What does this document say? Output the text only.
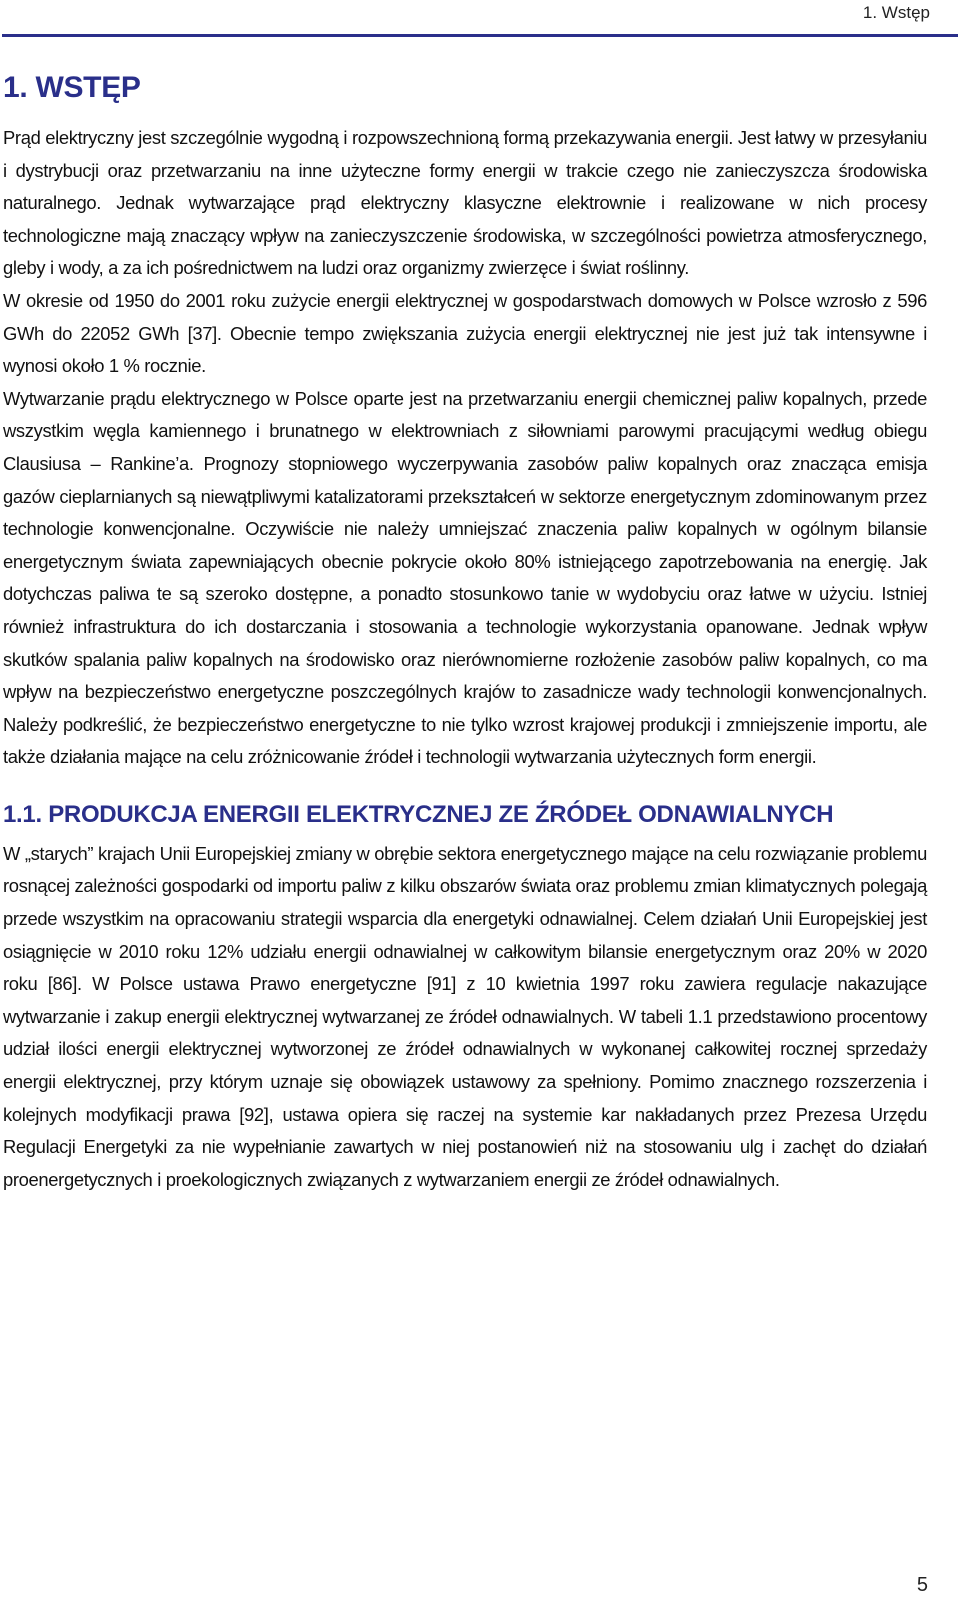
1. Wstęp
1. WSTĘP

Prąd elektryczny jest szczególnie wygodną i rozpowszechnioną formą przekazywania energii. Jest łatwy w przesyłaniu i dystrybucji oraz przetwarzaniu na inne użyteczne formy energii w trakcie czego nie zanieczyszcza środowiska naturalnego. Jednak wytwarzające prąd elektryczny klasyczne elektrownie i realizowane w nich procesy technologiczne mają znaczący wpływ na zanieczyszczenie środowiska, w szczególności powietrza atmosferycznego, gleby i wody, a za ich pośrednictwem na ludzi oraz organizmy zwierzęce i świat roślinny.

W okresie od 1950 do 2001 roku zużycie energii elektrycznej w gospodarstwach domowych w Polsce wzrosło z 596 GWh do 22052 GWh [37]. Obecnie tempo zwiększania zużycia energii elektrycznej nie jest już tak intensywne i wynosi około 1 % rocznie.

Wytwarzanie prądu elektrycznego w Polsce oparte jest na przetwarzaniu energii chemicznej paliw kopalnych, przede wszystkim węgla kamiennego i brunatnego w elektrowniach z siłowniami parowymi pracującymi według obiegu Clausiusa – Rankine’a. Prognozy stopniowego wyczerpywania zasobów paliw kopalnych oraz znacząca emisja gazów cieplarnianych są niewątpliwymi katalizatorami przekształceń w sektorze energetycznym zdominowanym przez technologie konwencjonalne. Oczywiście nie należy umniejszać znaczenia paliw kopalnych w ogólnym bilansie energetycznym świata zapewniających obecnie pokrycie około 80% istniejącego zapotrzebowania na energię. Jak dotychczas paliwa te są szeroko dostępne, a ponadto stosunkowo tanie w wydobyciu oraz łatwe w użyciu. Istniej również infrastruktura do ich dostarczania i stosowania a technologie wykorzystania opanowane. Jednak wpływ skutków spalania paliw kopalnych na środowisko oraz nierównomierne rozłożenie zasobów paliw kopalnych, co ma wpływ na bezpieczeństwo energetyczne poszczególnych krajów to zasadnicze wady technologii konwencjonalnych. Należy podkreślić, że bezpieczeństwo energetyczne to nie tylko wzrost krajowej produkcji i zmniejszenie importu, ale także działania mające na celu zróżnicowanie źródeł i technologii wytwarzania użytecznych form energii.

1.1. PRODUKCJA ENERGII ELEKTRYCZNEJ ZE ŹRÓDEŁ ODNAWIALNYCH

W „starych” krajach Unii Europejskiej zmiany w obrębie sektora energetycznego mające na celu rozwiązanie problemu rosnącej zależności gospodarki od importu paliw z kilku obszarów świata oraz problemu zmian klimatycznych polegają przede wszystkim na opracowaniu strategii wsparcia dla energetyki odnawialnej. Celem działań Unii Europejskiej jest osiągnięcie w 2010 roku 12% udziału energii odnawialnej w całkowitym bilansie energetycznym oraz 20% w 2020 roku [86]. W Polsce ustawa Prawo energetyczne [91] z 10 kwietnia 1997 roku zawiera regulacje nakazujące wytwarzanie i zakup energii elektrycznej wytwarzanej ze źródeł odnawialnych. W tabeli 1.1 przedstawiono procentowy udział ilości energii elektrycznej wytworzonej ze źródeł odnawialnych w wykonanej całkowitej rocznej sprzedaży energii elektrycznej, przy którym uznaje się obowiązek ustawowy za spełniony. Pomimo znacznego rozszerzenia i kolejnych modyfikacji prawa [92], ustawa opiera się raczej na systemie kar nakładanych przez Prezesa Urzędu Regulacji Energetyki za nie wypełnianie zawartych w niej postanowień niż na stosowaniu ulg i zachęt do działań proenergetycznych i proekologicznych związanych z wytwarzaniem energii ze źródeł odnawialnych.

5
